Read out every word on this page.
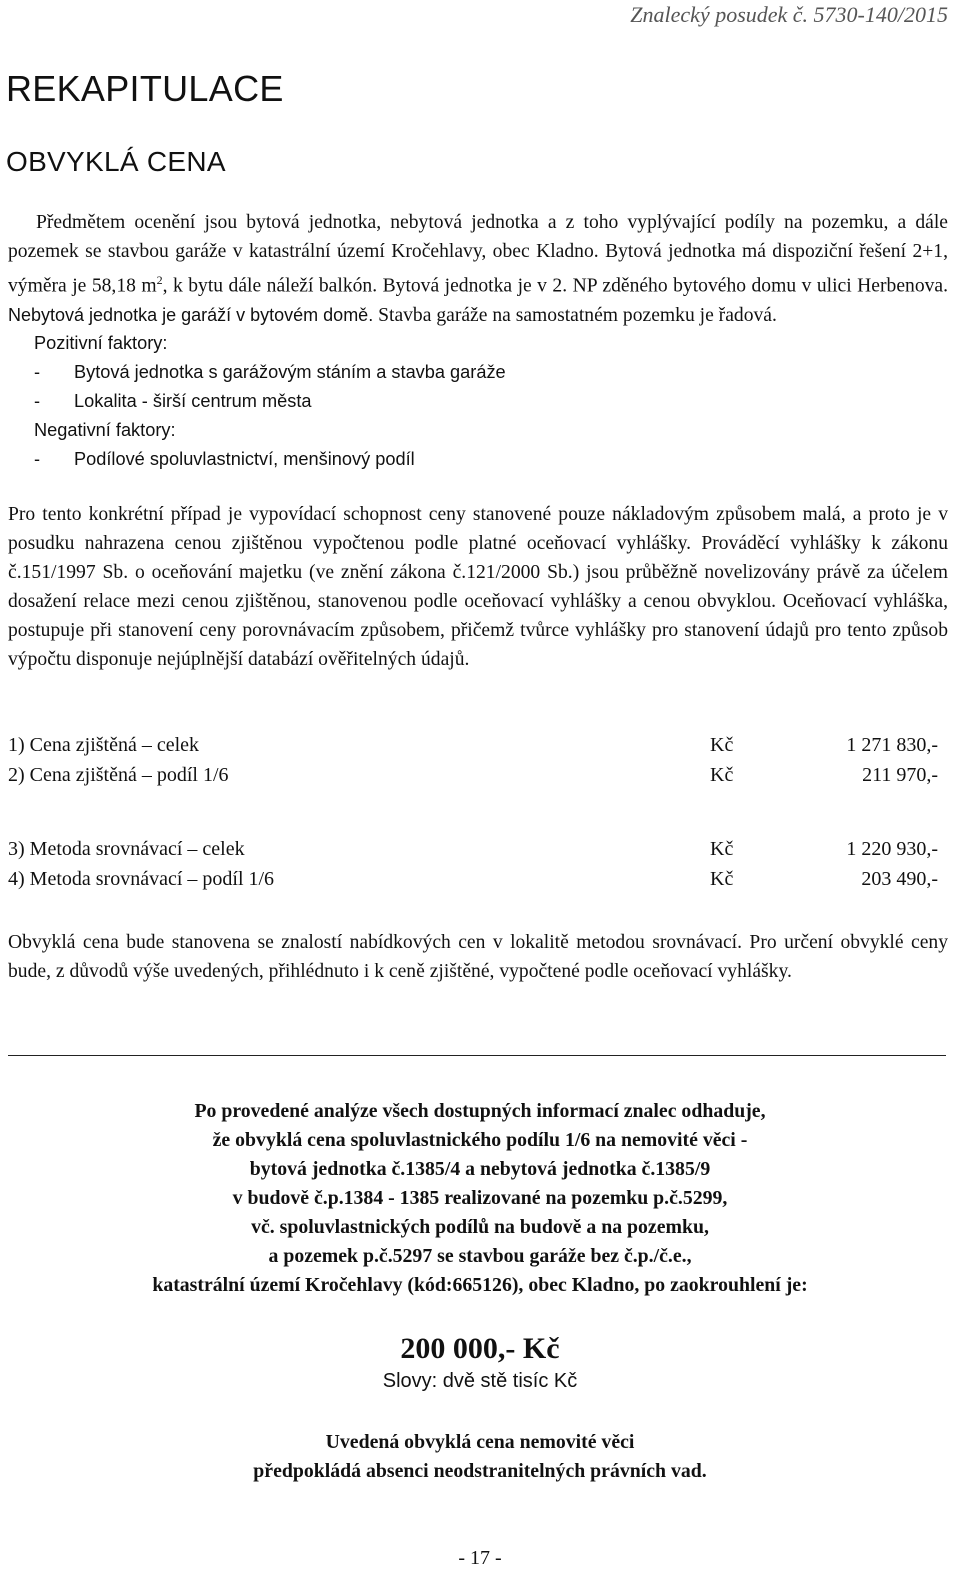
Znalecký posudek č. 5730-140/2015
REKAPITULACE
OBVYKLÁ CENA

Předmětem ocenění jsou bytová jednotka, nebytová jednotka a z toho vyplývající podíly na pozemku, a dále pozemek se stavbou garáže v katastrální území Kročehlavy, obec Kladno. Bytová jednotka má dispoziční řešení 2+1, výměra je 58,18 $m^2$, k bytu dále náleží balkón. Bytová jednotka je v 2. NP zděného bytového domu v ulici Herbenova. Nebytová jednotka je garáží v bytovém domě. Stavba garáže na samostatném pozemku je řadová.

Pozitivní faktory:

- Bytová jednotka s garážovým stáním a stavba garáže

- Lokalita - širší centrum města

Negativní faktory:

- Podílové spoluvlastnictví, menšinový podíl

Pro tento konkrétní případ je vypovídací schopnost ceny stanovené pouze nákladovým způsobem malá, a proto je v posudku nahrazena cenou zjištěnou vypočtenou podle platné oceňovací vyhlášky. Prováděcí vyhlášky k zákonu č.151/1997 Sb. o oceňování majetku (ve znění zákona č.121/2000 Sb.) jsou průběžně novelizovány právě za účelem dosažení relace mezi cenou zjištěnou, stanovenou podle oceňovací vyhlášky a cenou obvyklou. Oceňovací vyhláška, postupuje při stanovení ceny porovnávacím způsobem, přičemž tvůrce vyhlášky pro stanovení údajů pro tento způsob výpočtu disponuje nejúplnější databází ověřitelných údajů.

1) Cena zjištěná – celek	Kč	1 271 830,-
2) Cena zjištěná – podíl 1/6	Kč	211 970,-
3) Metoda srovnávací – celek	Kč	1 220 930,-
4) Metoda srovnávací – podíl 1/6	Kč	203 490,-

Obvyklá cena bude stanovena se znalostí nabídkových cen v lokalitě metodou srovnávací. Pro určení obvyklé ceny bude, z důvodů výše uvedených, přihlédnuto i k ceně zjištěné, vypočtené podle oceňovací vyhlášky.

Po provedené analýze všech dostupných informací znalec odhaduje,

že obvyklá cena spoluvlastnického podílu 1/6 na nemovité věci -

bytová jednotka č.1385/4 a nebytová jednotka č.1385/9

v budově č.p.1384 - 1385 realizované na pozemku p.č.5299,

vč. spoluvlastnických podílů na budově a na pozemku,

a pozemek p.č.5297 se stavbou garáže bez č.p./č.e.,

katastrální území Kročehlavy (kód:665126), obec Kladno, po zaokrouhlení je:

200 000,- Kč

Slovy: dvě stě tisíc Kč

Uvedená obvyklá cena nemovité věci

předpokládá absenci neodstranitelných právních vad.

- 17 -
